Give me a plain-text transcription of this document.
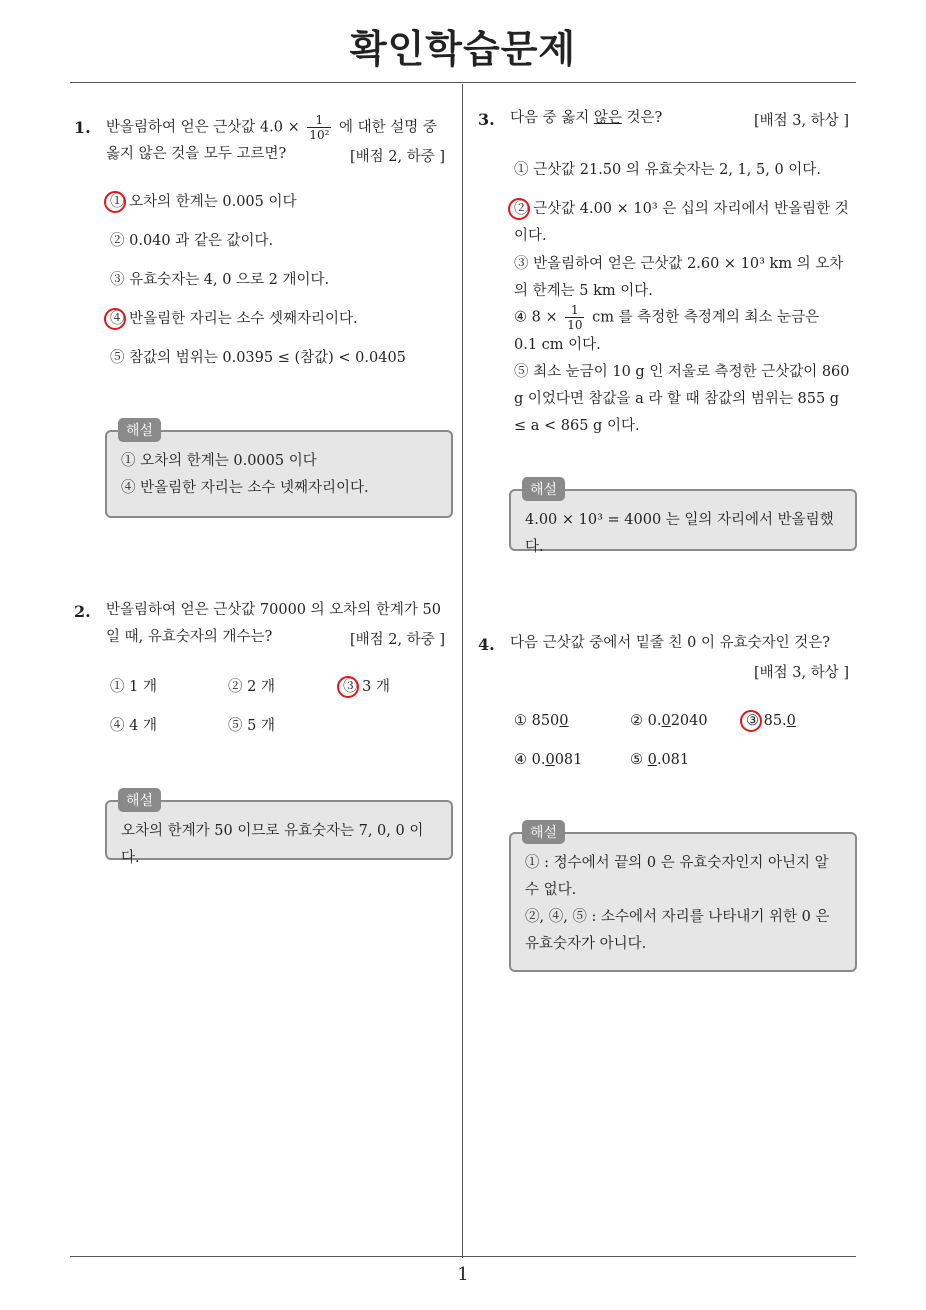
확인학습문제
1
1. 반올림하여 얻은 근삿값 $4.0 \times \frac{1}{\text{10²}}$ 에 대한 설명 중
옳지 않은 것을 모두 고르면?	[배점 2, 하중 ]
① 오차의 한계는 0.005 이다
② 0.040 과 같은 값이다.
③ 유효숫자는 4, 0 으로 2 개이다.
④ 반올림한 자리는 소수 셋째자리이다.
⑤ 참값의 범위는 0.0395 ≤ (참값) < 0.0405
① 오차의 한계는 0.0005 이다
④ 반올림한 자리는 소수 넷째자리이다.
해설
2. 반올림하여 얻은 근삿값 70000 의 오차의 한계가 50
일 때, 유효숫자의 개수는?	[배점 2, 하중 ]
① 1 개	② 2 개	③ 3 개
④ 4 개	⑤ 5 개
오차의 한계가 50 이므로 유효숫자는 7, 0, 0 이다.
해설
3. 다음 중 옳지 않은 것은?	[배점 3, 하상 ]
① 근삿값 21.50 의 유효숫자는 2, 1, 5, 0 이다.
② 근삿값 4.00 × 10³ 은 십의 자리에서 반올림한 것이다.
③ 반올림하여 얻은 근삿값 2.60 × 10³ km 의 오차의 한계는 5 km 이다.
④ $8 \times \frac{1}{10}$ cm 를 측정한 측정계의 최소 눈금은
0.1 cm 이다.
⑤ 최소 눈금이 10 g 인 저울로 측정한 근삿값이 860 g 이었다면 참값을 a 라 할 때 참값의 범위는 855 g ≤ a < 865 g 이다.
4.00 × 10³ = 4000 는 일의 자리에서 반올림했다.
해설
4. 다음 근삿값 중에서 밑줄 친 0 이 유효숫자인 것은?
[배점 3, 하상 ]
① 8500	② 0.02040	③ 85.0
④ 0.0081	⑤ 0.081
① : 정수에서 끝의 0 은 유효숫자인지 아닌지 알 수 없다.
②, ④, ⑤ : 소수에서 자리를 나타내기 위한 0 은 유효숫자가 아니다.
해설
